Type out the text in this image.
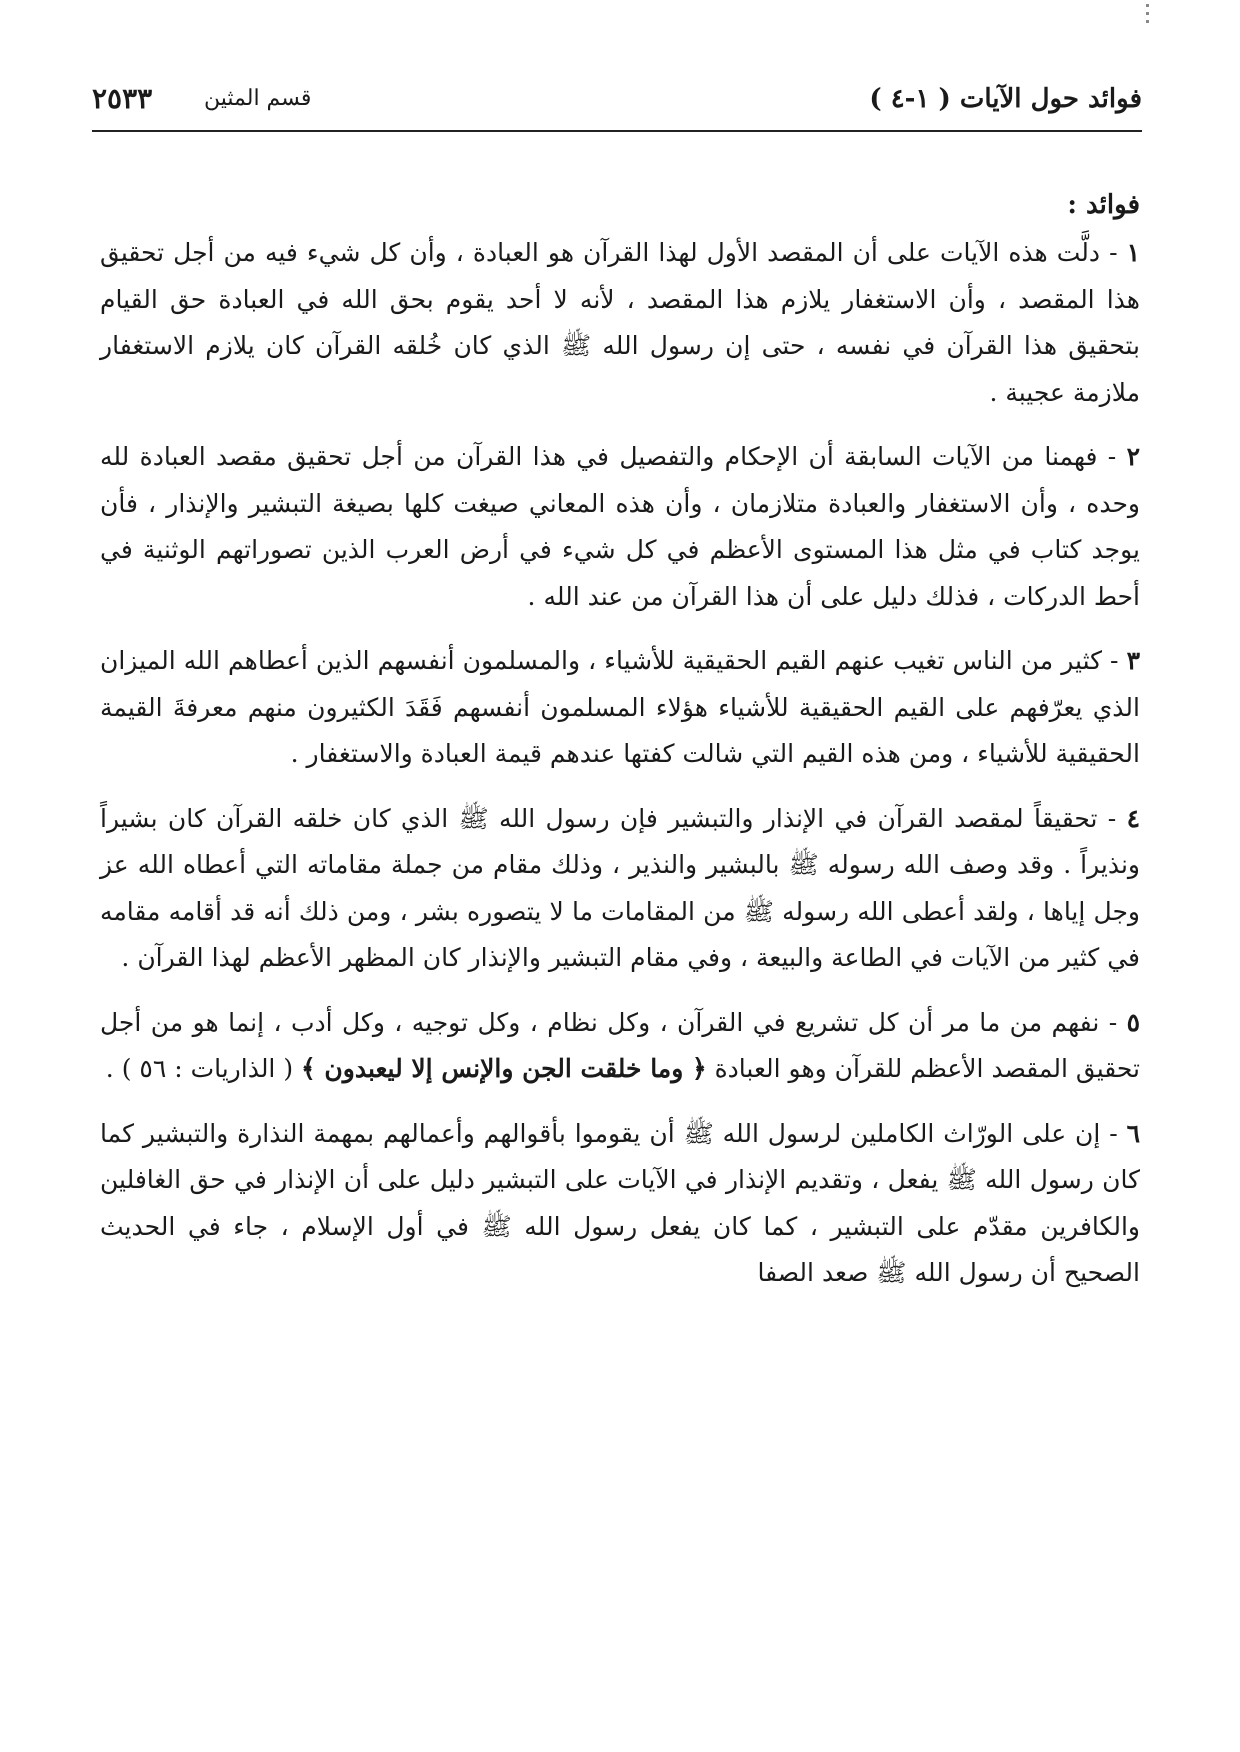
فوائد حول الآيات ( ١-٤ )
قسم المثين
٢٥٣٣
فوائد :

١ - دلَّت هذه الآيات على أن المقصد الأول لهذا القرآن هو العبادة ، وأن كل شيء فيه من أجل تحقيق هذا المقصد ، وأن الاستغفار يلازم هذا المقصد ، لأنه لا أحد يقوم بحق الله في العبادة حق القيام بتحقيق هذا القرآن في نفسه ، حتى إن رسول الله ﷺ الذي كان خُلقه القرآن كان يلازم الاستغفار ملازمة عجيبة .

٢ - فهمنا من الآيات السابقة أن الإحكام والتفصيل في هذا القرآن من أجل تحقيق مقصد العبادة لله وحده ، وأن الاستغفار والعبادة متلازمان ، وأن هذه المعاني صيغت كلها بصيغة التبشير والإنذار ، فأن يوجد كتاب في مثل هذا المستوى الأعظم في كل شيء في أرض العرب الذين تصوراتهم الوثنية في أحط الدركات ، فذلك دليل على أن هذا القرآن من عند الله .

٣ - كثير من الناس تغيب عنهم القيم الحقيقية للأشياء ، والمسلمون أنفسهم الذين أعطاهم الله الميزان الذي يعرّفهم على القيم الحقيقية للأشياء هؤلاء المسلمون أنفسهم فَقَدَ الكثيرون منهم معرفةَ القيمة الحقيقية للأشياء ، ومن هذه القيم التي شالت كفتها عندهم قيمة العبادة والاستغفار .

٤ - تحقيقاً لمقصد القرآن في الإنذار والتبشير فإن رسول الله ﷺ الذي كان خلقه القرآن كان بشيراً ونذيراً . وقد وصف الله رسوله ﷺ بالبشير والنذير ، وذلك مقام من جملة مقاماته التي أعطاه الله عز وجل إياها ، ولقد أعطى الله رسوله ﷺ من المقامات ما لا يتصوره بشر ، ومن ذلك أنه قد أقامه مقامه في كثير من الآيات في الطاعة والبيعة ، وفي مقام التبشير والإنذار كان المظهر الأعظم لهذا القرآن .

٥ - نفهم من ما مر أن كل تشريع في القرآن ، وكل نظام ، وكل توجيه ، وكل أدب ، إنما هو من أجل تحقيق المقصد الأعظم للقرآن وهو العبادة ﴿ وما خلقت الجن والإنس إلا ليعبدون ﴾ ( الذاريات : ٥٦ ) .

٦ - إن على الورّاث الكاملين لرسول الله ﷺ أن يقوموا بأقوالهم وأعمالهم بمهمة النذارة والتبشير كما كان رسول الله ﷺ يفعل ، وتقديم الإنذار في الآيات على التبشير دليل على أن الإنذار في حق الغافلين والكافرين مقدّم على التبشير ، كما كان يفعل رسول الله ﷺ في أول الإسلام ، جاء في الحديث الصحيح أن رسول الله ﷺ صعد الصفا
